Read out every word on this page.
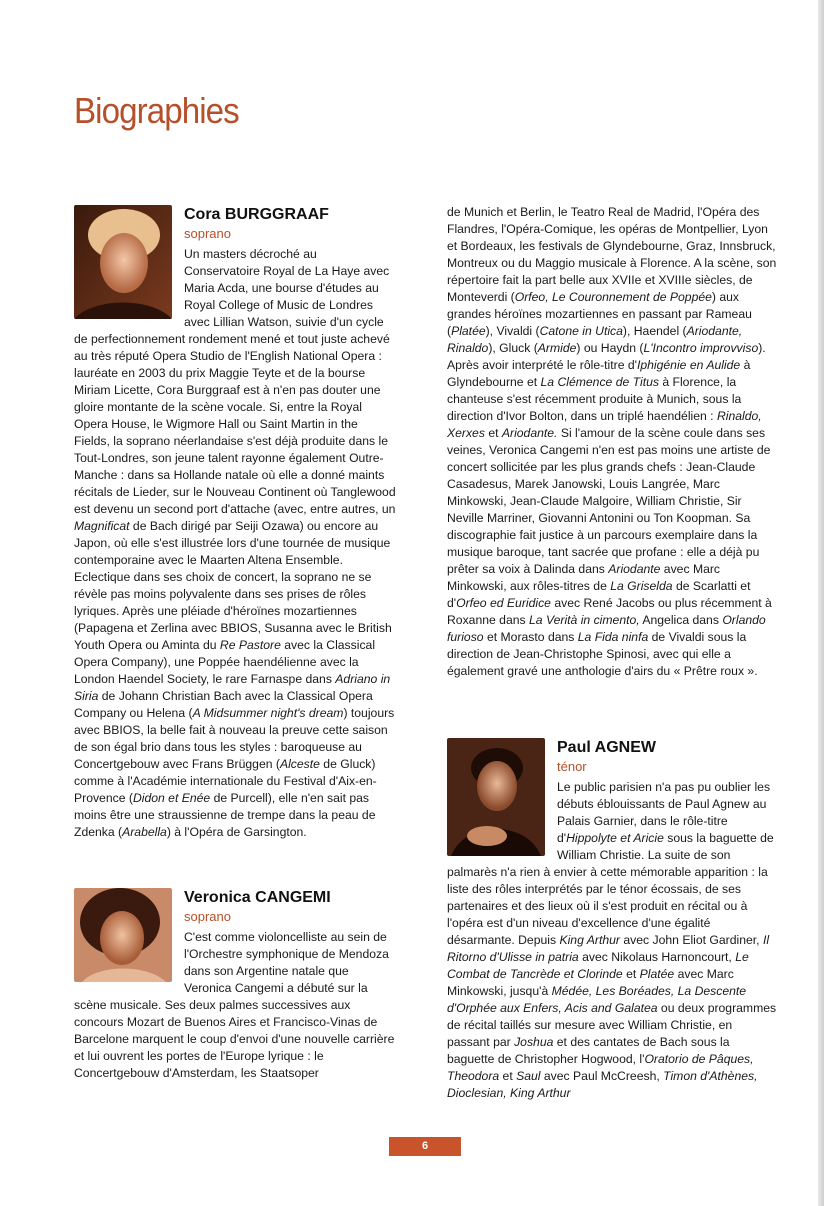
Biographies
Cora BURGGRAAF
soprano

Un masters décroché au Conservatoire Royal de La Haye avec Maria Acda, une bourse d'études au Royal College of Music de Londres avec Lillian Watson, suivie d'un cycle de perfectionnement rondement mené et tout juste achevé au très réputé Opera Studio de l'English National Opera : lauréate en 2003 du prix Maggie Teyte et de la bourse Miriam Licette, Cora Burggraaf est à n'en pas douter une gloire montante de la scène vocale. Si, entre la Royal Opera House, le Wigmore Hall ou Saint Martin in the Fields, la soprano néerlandaise s'est déjà produite dans le Tout-Londres, son jeune talent rayonne également Outre-Manche : dans sa Hollande natale où elle a donné maints récitals de Lieder, sur le Nouveau Continent où Tanglewood est devenu un second port d'attache (avec, entre autres, un Magnificat de Bach dirigé par Seiji Ozawa) ou encore au Japon, où elle s'est illustrée lors d'une tournée de musique contemporaine avec le Maarten Altena Ensemble. Eclectique dans ses choix de concert, la soprano ne se révèle pas moins polyvalente dans ses prises de rôles lyriques. Après une pléiade d'héroïnes mozartiennes (Papagena et Zerlina avec BBIOS, Susanna avec le British Youth Opera ou Aminta du Re Pastore avec la Classical Opera Company), une Poppée haendélienne avec la London Haendel Society, le rare Farnaspe dans Adriano in Siria de Johann Christian Bach avec la Classical Opera Company ou Helena (A Midsummer night's dream) toujours avec BBIOS, la belle fait à nouveau la preuve cette saison de son égal brio dans tous les styles : baroqueuse au Concertgebouw avec Frans Brüggen (Alceste de Gluck) comme à l'Académie internationale du Festival d'Aix-en-Provence (Didon et Enée de Purcell), elle n'en sait pas moins être une straussienne de trempe dans la peau de Zdenka (Arabella) à l'Opéra de Garsington.

Veronica CANGEMI
soprano

C'est comme violoncelliste au sein de l'Orchestre symphonique de Mendoza dans son Argentine natale que Veronica Cangemi a débuté sur la scène musicale. Ses deux palmes successives aux concours Mozart de Buenos Aires et Francisco-Vinas de Barcelone marquent le coup d'envoi d'une nouvelle carrière et lui ouvrent les portes de l'Europe lyrique : le Concertgebouw d'Amsterdam, les Staatsoper

de Munich et Berlin, le Teatro Real de Madrid, l'Opéra des Flandres, l'Opéra-Comique, les opéras de Montpellier, Lyon et Bordeaux, les festivals de Glyndebourne, Graz, Innsbruck, Montreux ou du Maggio musicale à Florence. A la scène, son répertoire fait la part belle aux XVIIe et XVIIIe siècles, de Monteverdi (Orfeo, Le Couronnement de Poppée) aux grandes héroïnes mozartiennes en passant par Rameau (Platée), Vivaldi (Catone in Utica), Haendel (Ariodante, Rinaldo), Gluck (Armide) ou Haydn (L'Incontro improvviso). Après avoir interprété le rôle-titre d'Iphigénie en Aulide à Glyndebourne et La Clémence de Titus à Florence, la chanteuse s'est récemment produite à Munich, sous la direction d'Ivor Bolton, dans un triplé haendélien : Rinaldo, Xerxes et Ariodante. Si l'amour de la scène coule dans ses veines, Veronica Cangemi n'en est pas moins une artiste de concert sollicitée par les plus grands chefs : Jean-Claude Casadesus, Marek Janowski, Louis Langrée, Marc Minkowski, Jean-Claude Malgoire, William Christie, Sir Neville Marriner, Giovanni Antonini ou Ton Koopman. Sa discographie fait justice à un parcours exemplaire dans la musique baroque, tant sacrée que profane : elle a déjà pu prêter sa voix à Dalinda dans Ariodante avec Marc Minkowski, aux rôles-titres de La Griselda de Scarlatti et d'Orfeo ed Euridice avec René Jacobs ou plus récemment à Roxanne dans La Verità in cimento, Angelica dans Orlando furioso et Morasto dans La Fida ninfa de Vivaldi sous la direction de Jean-Christophe Spinosi, avec qui elle a également gravé une anthologie d'airs du « Prêtre roux ».

Paul AGNEW
ténor

Le public parisien n'a pas pu oublier les débuts éblouissants de Paul Agnew au Palais Garnier, dans le rôle-titre d'Hippolyte et Aricie sous la baguette de William Christie. La suite de son palmarès n'a rien à envier à cette mémorable apparition : la liste des rôles interprétés par le ténor écossais, de ses partenaires et des lieux où il s'est produit en récital ou à l'opéra est d'un niveau d'excellence d'une égalité désarmante. Depuis King Arthur avec John Eliot Gardiner, Il Ritorno d'Ulisse in patria avec Nikolaus Harnoncourt, Le Combat de Tancrède et Clorinde et Platée avec Marc Minkowski, jusqu'à Médée, Les Boréades, La Descente d'Orphée aux Enfers, Acis and Galatea ou deux programmes de récital taillés sur mesure avec William Christie, en passant par Joshua et des cantates de Bach sous la baguette de Christopher Hogwood, l'Oratorio de Pâques, Theodora et Saul avec Paul McCreesh, Timon d'Athènes, Dioclesian, King Arthur

6
